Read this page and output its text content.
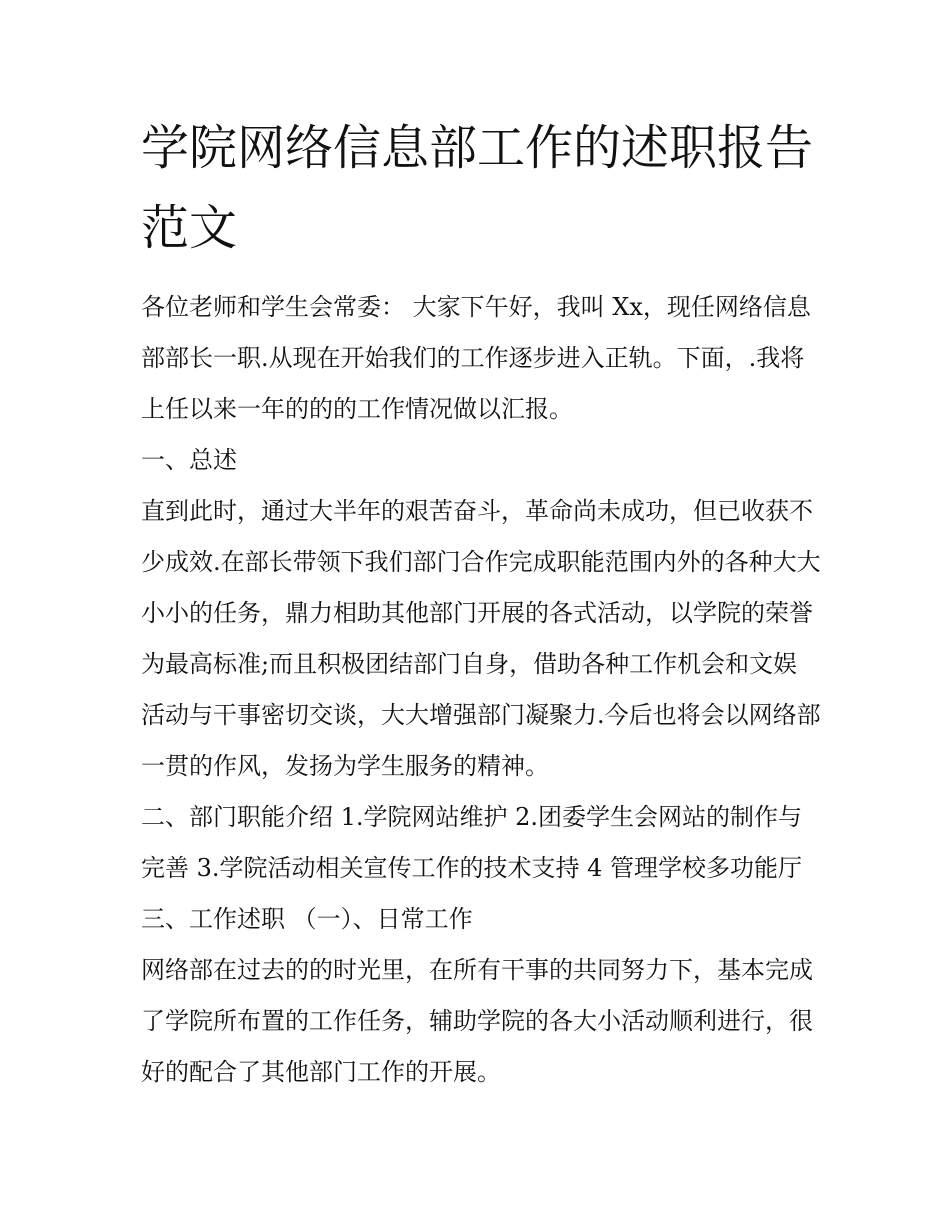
学院网络信息部工作的述职报告范文

各位老师和学生会常委： 大家下午好，我叫 Xx，现任网络信息部部长一职.从现在开始我们的工作逐步进入正轨。下面，.我将上任以来一年的的的工作情况做以汇报。

一、总述

直到此时，通过大半年的艰苦奋斗，革命尚未成功，但已收获不少成效.在部长带领下我们部门合作完成职能范围内外的各种大大小小的任务，鼎力相助其他部门开展的各式活动，以学院的荣誉为最高标准;而且积极团结部门自身，借助各种工作机会和文娱活动与干事密切交谈，大大增强部门凝聚力.今后也将会以网络部一贯的作风，发扬为学生服务的精神。

二、部门职能介绍 1.学院网站维护 2.团委学生会网站的制作与完善 3.学院活动相关宣传工作的技术支持 4 管理学校多功能厅

三、工作述职 （一）、日常工作

网络部在过去的的时光里，在所有干事的共同努力下，基本完成了学院所布置的工作任务，辅助学院的各大小活动顺利进行，很好的配合了其他部门工作的开展。
